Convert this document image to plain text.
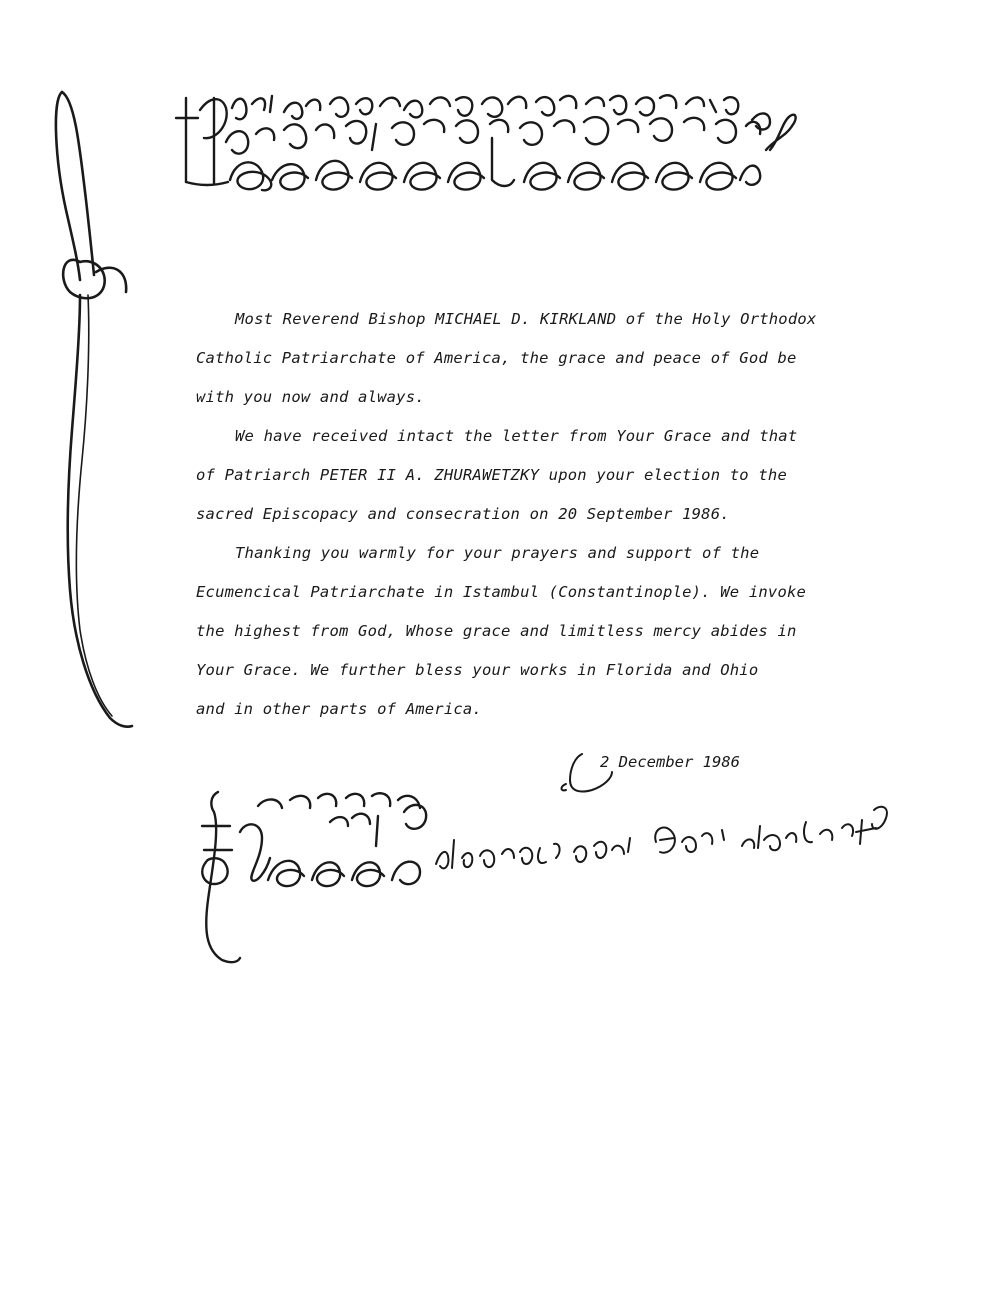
Most Reverend Bishop MICHAEL D. KIRKLAND of the Holy Orthodox
Catholic Patriarchate of America, the grace and peace of God be
with you now and always.

We have received intact the letter from Your Grace and that
of Patriarch PETER II A. ZHURAWETZKY upon your election to the
sacred Episcopacy and consecration on 20 September 1986.

Thanking you warmly for your prayers and support of the
Ecumencical Patriarchate in Istambul (Constantinople). We invoke
the highest from God, Whose grace and limitless mercy abides in
Your Grace. We further bless your works in Florida and Ohio
and in other parts of America.

2 December 1986
